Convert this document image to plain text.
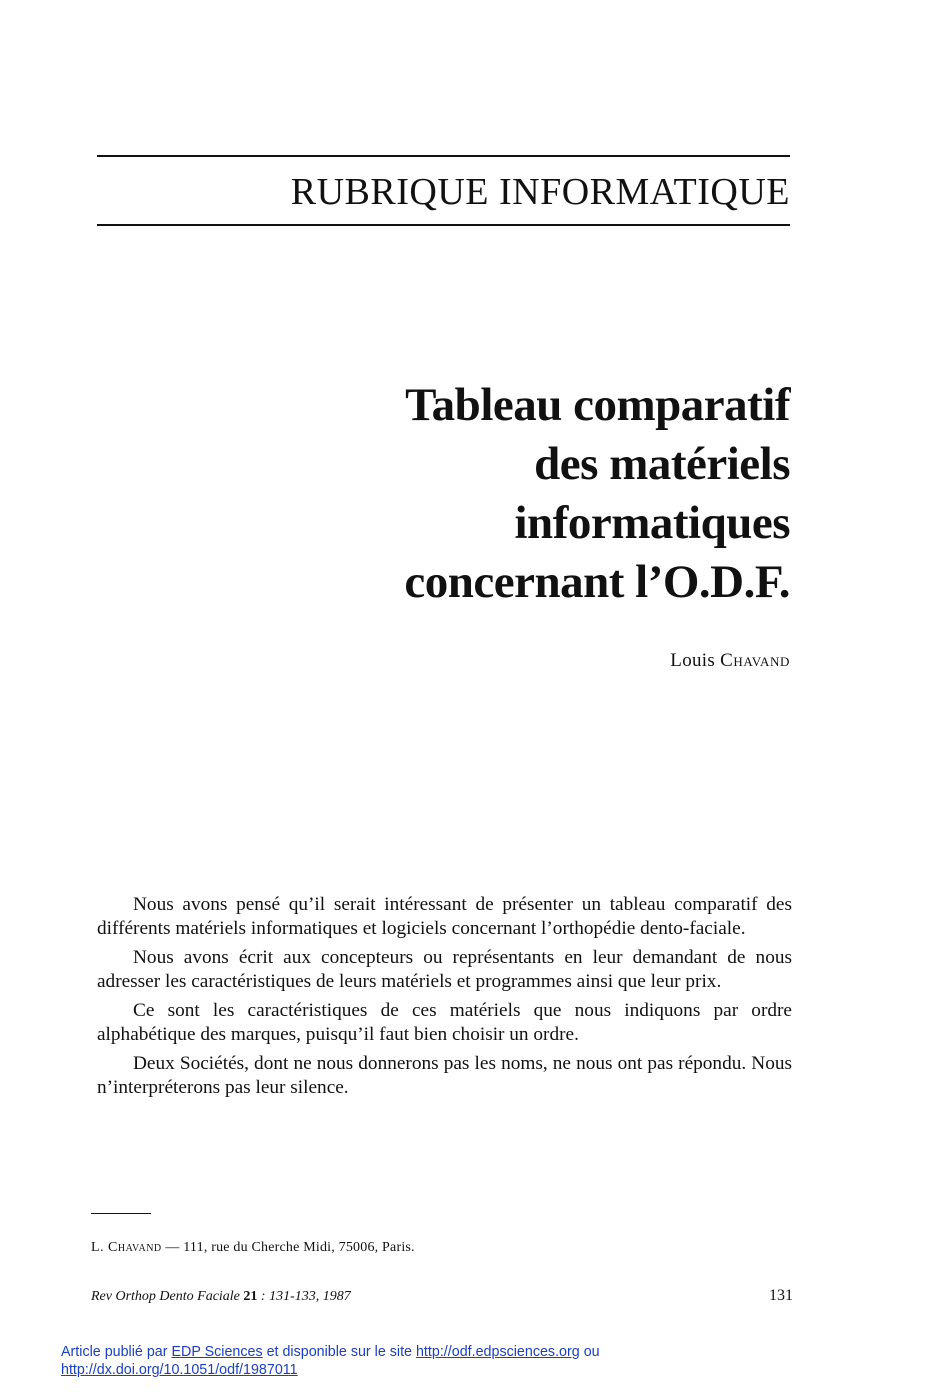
RUBRIQUE INFORMATIQUE
Tableau comparatif
des matériels
informatiques
concernant l’O.D.F.
Louis Chavand

Nous avons pensé qu’il serait intéressant de présenter un tableau comparatif des différents matériels informatiques et logiciels concernant l’orthopédie dento-faciale.

Nous avons écrit aux concepteurs ou représentants en leur demandant de nous adresser les caractéristiques de leurs matériels et programmes ainsi que leur prix.

Ce sont les caractéristiques de ces matériels que nous indiquons par ordre alphabétique des marques, puisqu’il faut bien choisir un ordre.

Deux Sociétés, dont ne nous donnerons pas les noms, ne nous ont pas répondu. Nous n’interpréterons pas leur silence.

L. Chavand — 111, rue du Cherche Midi, 75006, Paris.
Rev Orthop Dento Faciale 21 : 131-133, 1987	131
Article publié par EDP Sciences et disponible sur le site http://odf.edpsciences.org ou
http://dx.doi.org/10.1051/odf/1987011
